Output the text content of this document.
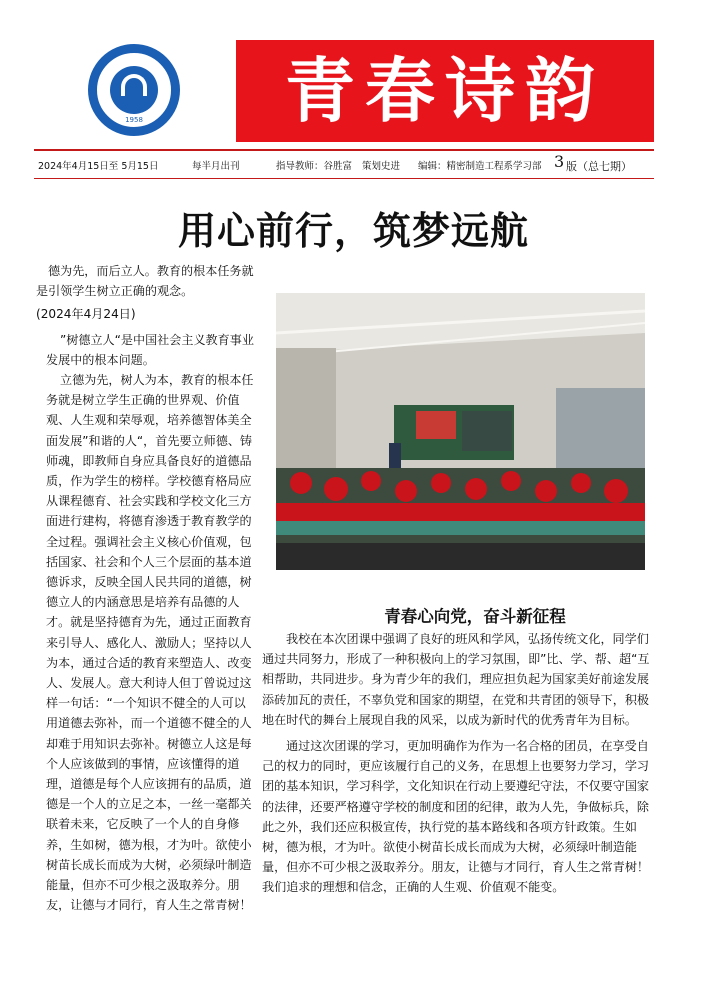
1958	青春诗韵
2024年4月15日至 5月15日	每半月出刊	指导教师：谷胜富 策划史进 编辑：精密制造工程系学习部 3 版（总七期）
用心前行，筑梦远航

德为先，而后立人。教育的根本任务就是引领学生树立正确的观念。

(2024年4月24日)

”树德立人“是中国社会主义教育事业发展中的根本问题。

立德为先，树人为本，教育的根本任务就是树立学生正确的世界观、价值观、人生观和荣辱观，培养德智体美全面发展”和谐的人“，首先要立师德、铸师魂，即教师自身应具备良好的道德品质，作为学生的榜样。学校德育格局应从课程德育、社会实践和学校文化三方面进行建构，将德育渗透于教育教学的全过程。强调社会主义核心价值观，包括国家、社会和个人三个层面的基本道德诉求，反映全国人民共同的道德，树德立人的内涵意思是培养有品德的人才。就是坚持德育为先，通过正面教育来引导人、感化人、激励人；坚持以人为本，通过合适的教育来塑造人、改变人、发展人。意大利诗人但丁曾说过这样一句话：“一个知识不健全的人可以用道德去弥补，而一个道德不健全的人却难于用知识去弥补。树德立人这是每个人应该做到的事情，应该懂得的道理，道德是每个人应该拥有的品质，道德是一个人的立足之本，一丝一毫都关联着未来，它反映了一个人的自身修养，生如树，德为根，才为叶。欲使小树苗长成长而成为大树，必须绿叶制造能量，但亦不可少根之汲取养分。朋友，让德与才同行，育人生之常青树！

青春心向党，奋斗新征程

我校在本次团课中强调了良好的班风和学风，弘扬传统文化，同学们通过共同努力，形成了一种积极向上的学习氛围，即”比、学、帮、超“互相帮助，共同进步。身为青少年的我们，理应担负起为国家美好前途发展添砖加瓦的责任，不辜负党和国家的期望，在党和共青团的领导下，积极地在时代的舞台上展现自我的风采，以成为新时代的优秀青年为目标。

通过这次团课的学习，更加明确作为作为一名合格的团员，在享受自己的权力的同时，更应该履行自己的义务，在思想上也要努力学习，学习团的基本知识，学习科学，文化知识在行动上要遵纪守法，不仅要守国家的法律，还要严格遵守学校的制度和团的纪律，敢为人先，争做标兵，除此之外，我们还应积极宣传，执行党的基本路线和各项方针政策。生如树，德为根，才为叶。欲使小树苗长成长而成为大树，必须绿叶制造能量，但亦不可少根之汲取养分。朋友，让德与才同行，育人生之常青树！我们追求的理想和信念，正确的人生观、价值观不能变。
